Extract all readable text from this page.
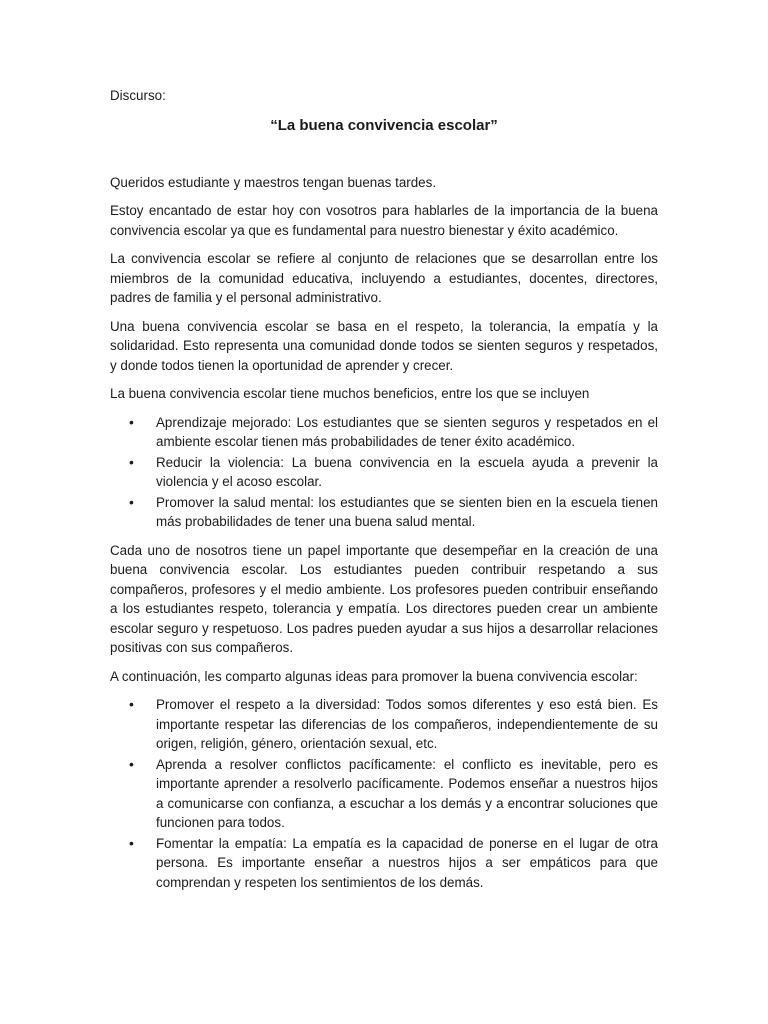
Discurso:

“La buena convivencia escolar”

Queridos estudiante y maestros tengan buenas tardes.

Estoy encantado de estar hoy con vosotros para hablarles de la importancia de la buena convivencia escolar ya que es fundamental para nuestro bienestar y éxito académico.

La convivencia escolar se refiere al conjunto de relaciones que se desarrollan entre los miembros de la comunidad educativa, incluyendo a estudiantes, docentes, directores, padres de familia y el personal administrativo.

Una buena convivencia escolar se basa en el respeto, la tolerancia, la empatía y la solidaridad. Esto representa una comunidad donde todos se sienten seguros y respetados, y donde todos tienen la oportunidad de aprender y crecer.

La buena convivencia escolar tiene muchos beneficios, entre los que se incluyen

• Aprendizaje mejorado: Los estudiantes que se sienten seguros y respetados en el ambiente escolar tienen más probabilidades de tener éxito académico.
• Reducir la violencia: La buena convivencia en la escuela ayuda a prevenir la violencia y el acoso escolar.
• Promover la salud mental: los estudiantes que se sienten bien en la escuela tienen más probabilidades de tener una buena salud mental.

Cada uno de nosotros tiene un papel importante que desempeñar en la creación de una buena convivencia escolar. Los estudiantes pueden contribuir respetando a sus compañeros, profesores y el medio ambiente. Los profesores pueden contribuir enseñando a los estudiantes respeto, tolerancia y empatía. Los directores pueden crear un ambiente escolar seguro y respetuoso. Los padres pueden ayudar a sus hijos a desarrollar relaciones positivas con sus compañeros.

A continuación, les comparto algunas ideas para promover la buena convivencia escolar:

• Promover el respeto a la diversidad: Todos somos diferentes y eso está bien. Es importante respetar las diferencias de los compañeros, independientemente de su origen, religión, género, orientación sexual, etc.
• Aprenda a resolver conflictos pacíficamente: el conflicto es inevitable, pero es importante aprender a resolverlo pacíficamente. Podemos enseñar a nuestros hijos a comunicarse con confianza, a escuchar a los demás y a encontrar soluciones que funcionen para todos.
• Fomentar la empatía: La empatía es la capacidad de ponerse en el lugar de otra persona. Es importante enseñar a nuestros hijos a ser empáticos para que comprendan y respeten los sentimientos de los demás.
